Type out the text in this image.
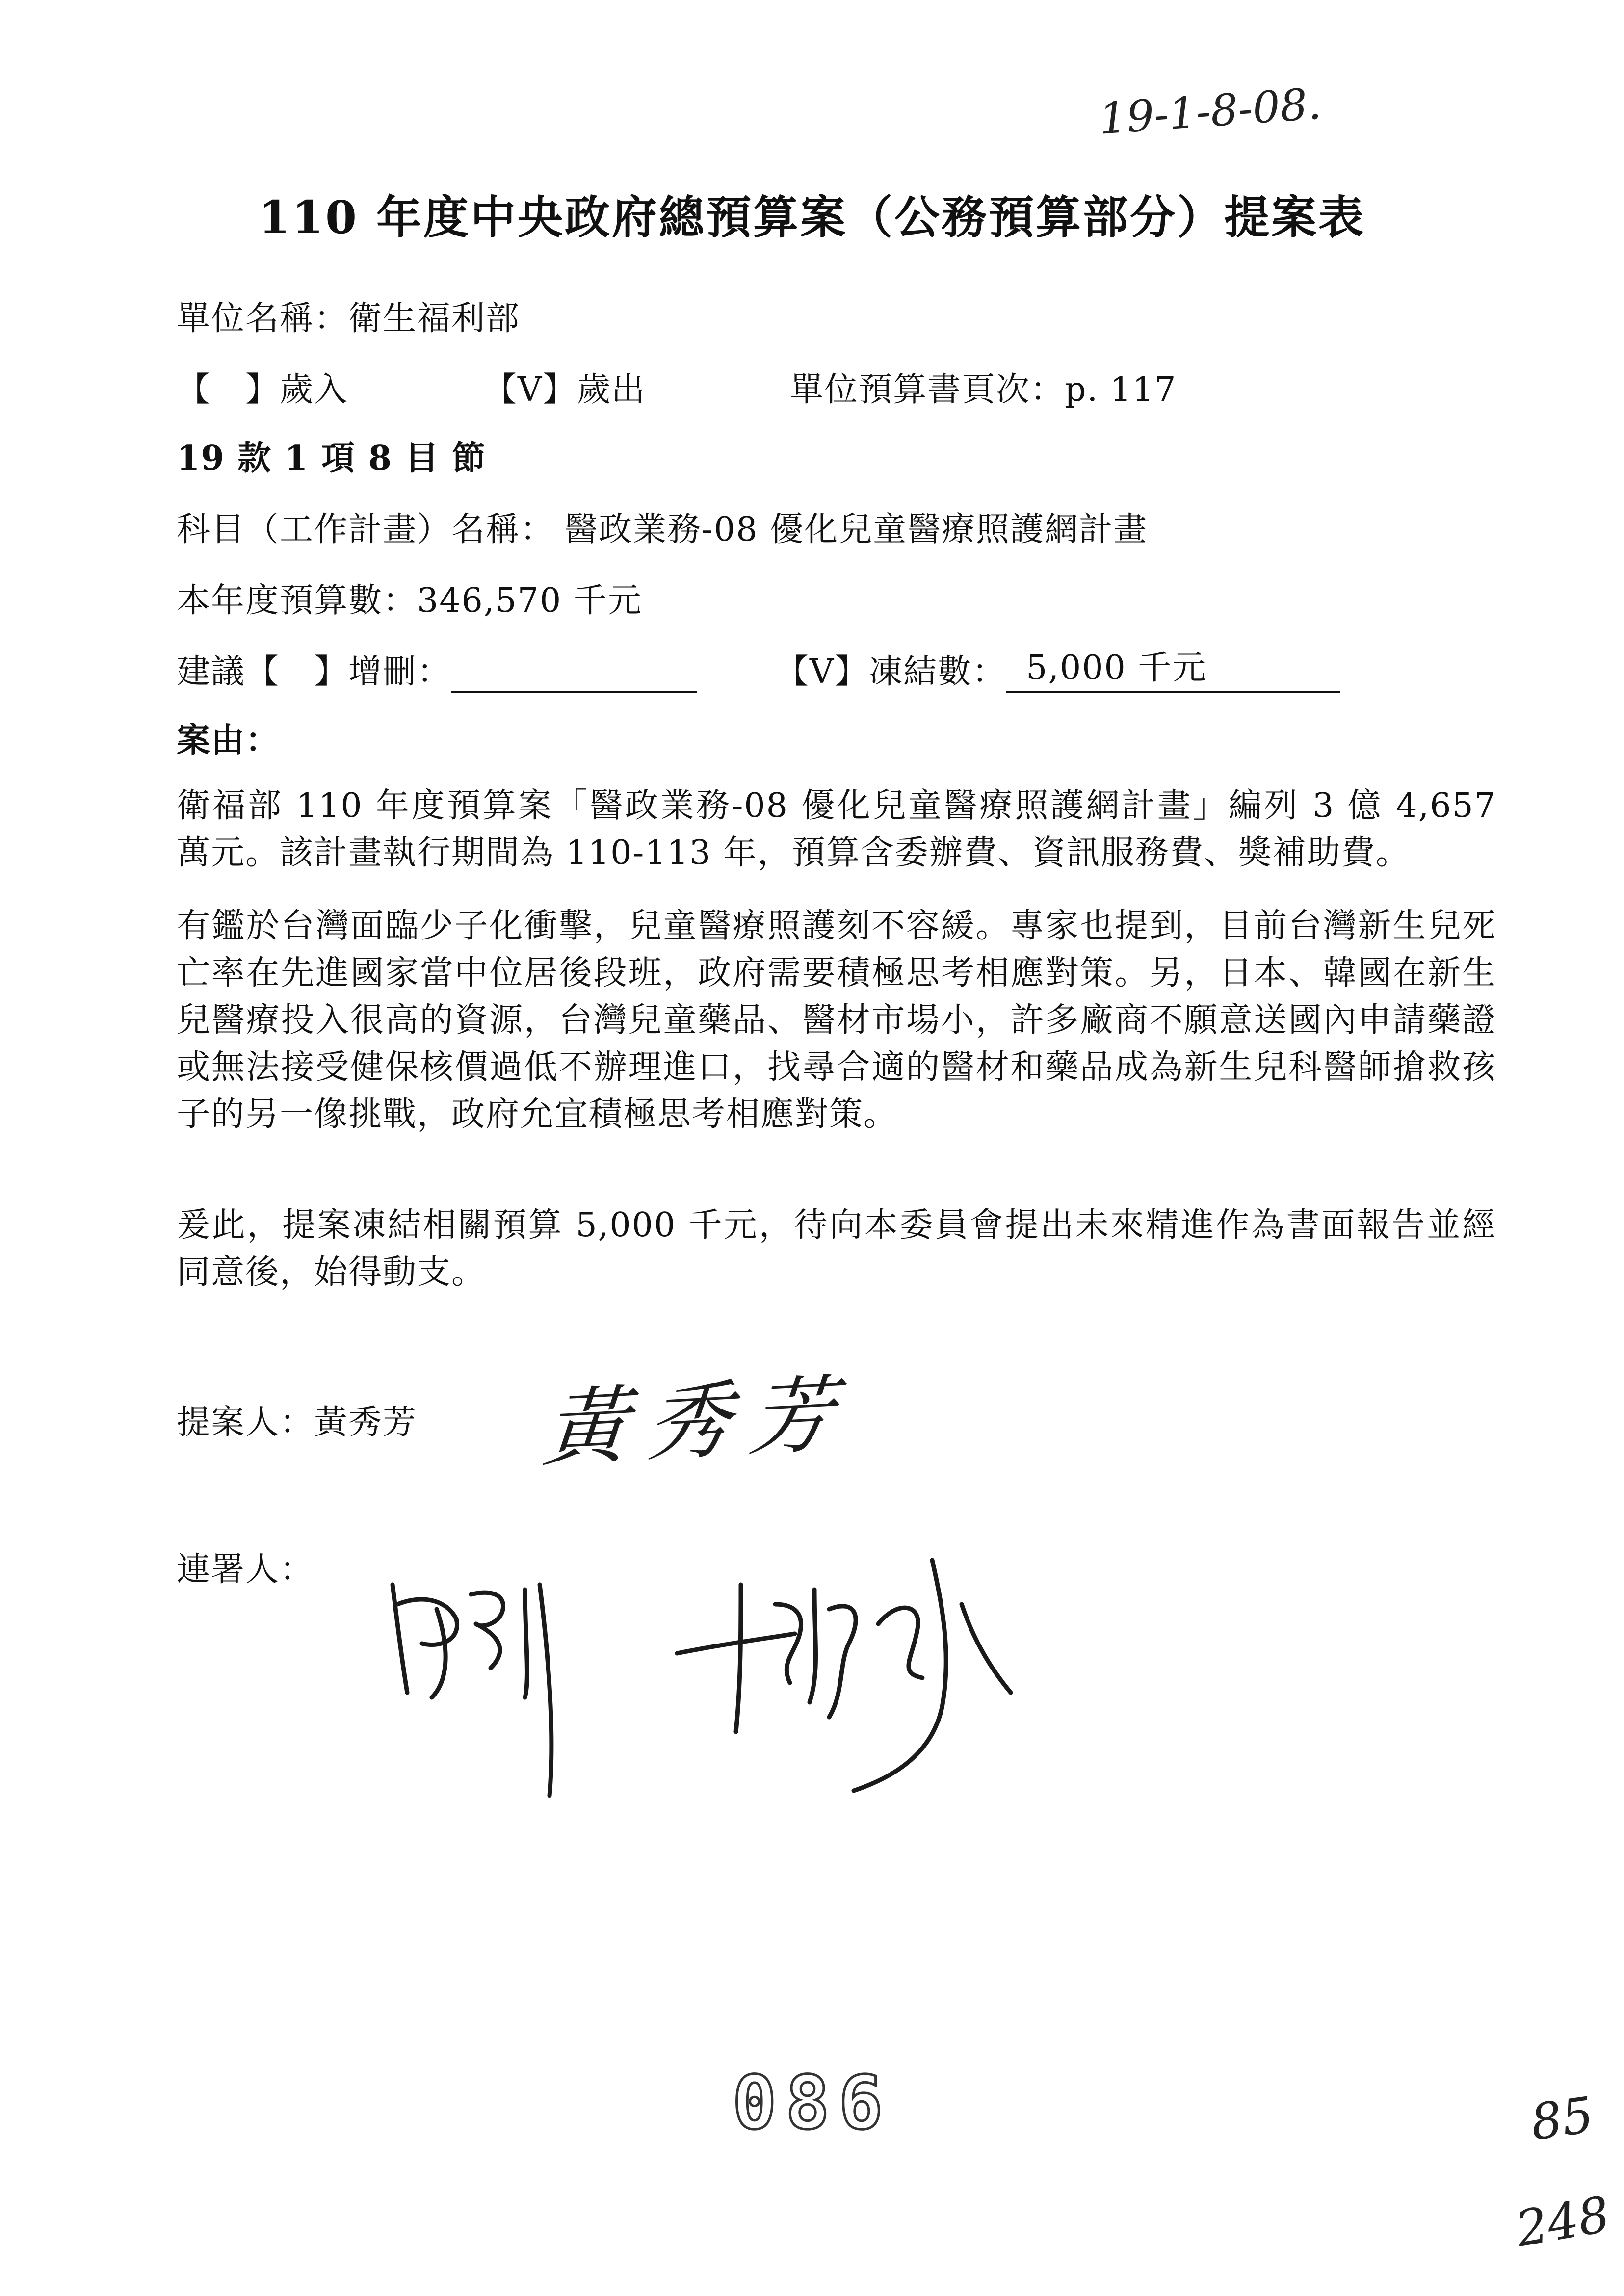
19-1-8-08.
110 年度中央政府總預算案（公務預算部分）提案表
單位名稱：衛生福利部
【　】歲入	【V】歲出	單位預算書頁次：p. 117
19 款 1 項 8 目 節
科目（工作計畫）名稱： 醫政業務-08 優化兒童醫療照護網計畫
本年度預算數：346,570 千元
建議【　】增刪：	【V】凍結數： 5,000 千元
案由：
衛福部 110 年度預算案「醫政業務-08 優化兒童醫療照護網計畫」編列 3 億 4,657 萬元。該計畫執行期間為 110-113 年，預算含委辦費、資訊服務費、獎補助費。
有鑑於台灣面臨少子化衝擊，兒童醫療照護刻不容緩。專家也提到，目前台灣新生兒死亡率在先進國家當中位居後段班，政府需要積極思考相應對策。另，日本、韓國在新生兒醫療投入很高的資源，台灣兒童藥品、醫材市場小，許多廠商不願意送國內申請藥證或無法接受健保核價過低不辦理進口，找尋合適的醫材和藥品成為新生兒科醫師搶救孩子的另一像挑戰，政府允宜積極思考相應對策。
爰此，提案凍結相關預算 5,000 千元，待向本委員會提出未來精進作為書面報告並經同意後，始得動支。
提案人：黃秀芳 黃秀芳
連署人：
086	85
248
